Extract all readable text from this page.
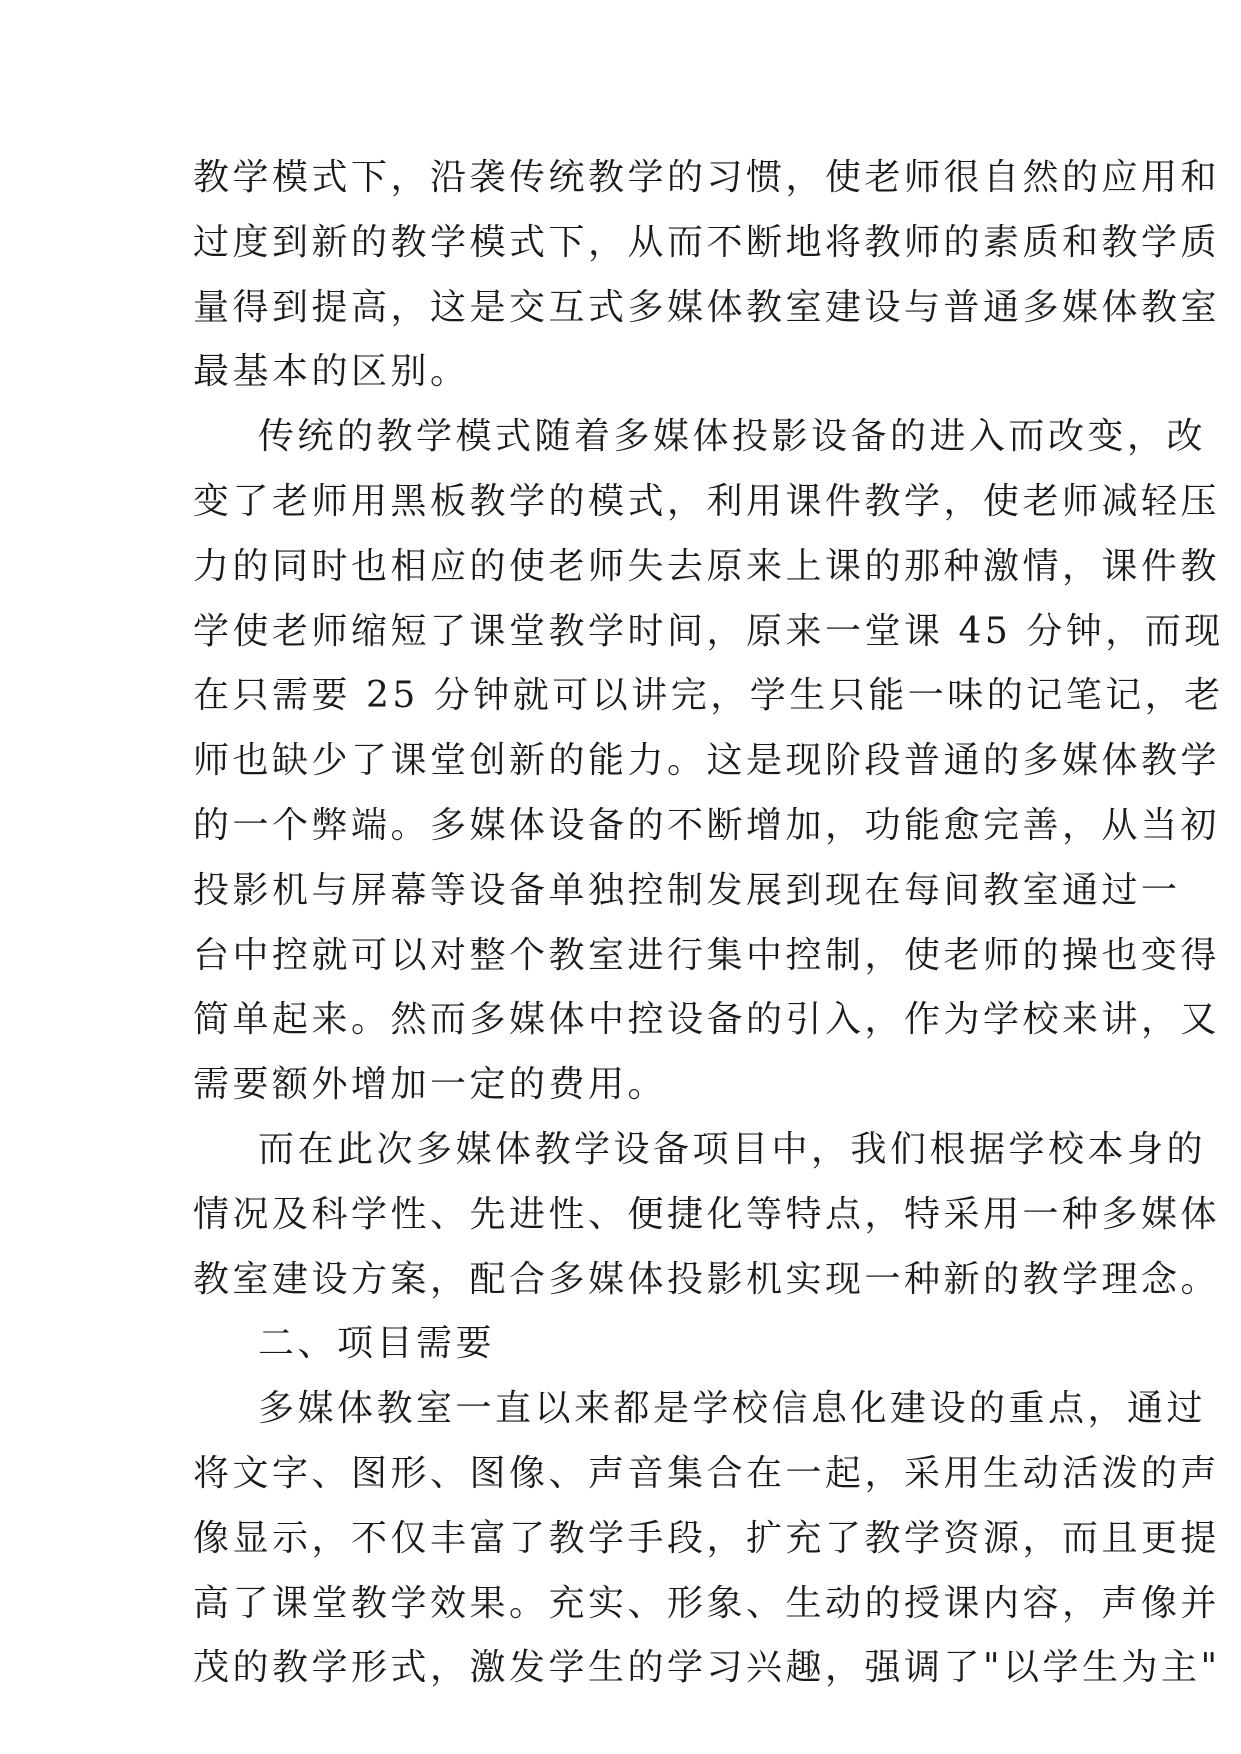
教学模式下，沿袭传统教学的习惯，使老师很自然的应用和
过度到新的教学模式下，从而不断地将教师的素质和教学质
量得到提高，这是交互式多媒体教室建设与普通多媒体教室
最基本的区别。
传统的教学模式随着多媒体投影设备的进入而改变，改
变了老师用黑板教学的模式，利用课件教学，使老师减轻压
力的同时也相应的使老师失去原来上课的那种激情，课件教
学使老师缩短了课堂教学时间，原来一堂课 45 分钟，而现
在只需要 25 分钟就可以讲完，学生只能一味的记笔记，老
师也缺少了课堂创新的能力。这是现阶段普通的多媒体教学
的一个弊端。多媒体设备的不断增加，功能愈完善，从当初
投影机与屏幕等设备单独控制发展到现在每间教室通过一
台中控就可以对整个教室进行集中控制，使老师的操也变得
简单起来。然而多媒体中控设备的引入，作为学校来讲，又
需要额外增加一定的费用。
而在此次多媒体教学设备项目中，我们根据学校本身的
情况及科学性、先进性、便捷化等特点，特采用一种多媒体
教室建设方案，配合多媒体投影机实现一种新的教学理念。
二、项目需要
多媒体教室一直以来都是学校信息化建设的重点，通过
将文字、图形、图像、声音集合在一起，采用生动活泼的声
像显示，不仅丰富了教学手段，扩充了教学资源，而且更提
高了课堂教学效果。充实、形象、生动的授课内容，声像并
茂的教学形式，激发学生的学习兴趣，强调了"以学生为主"
